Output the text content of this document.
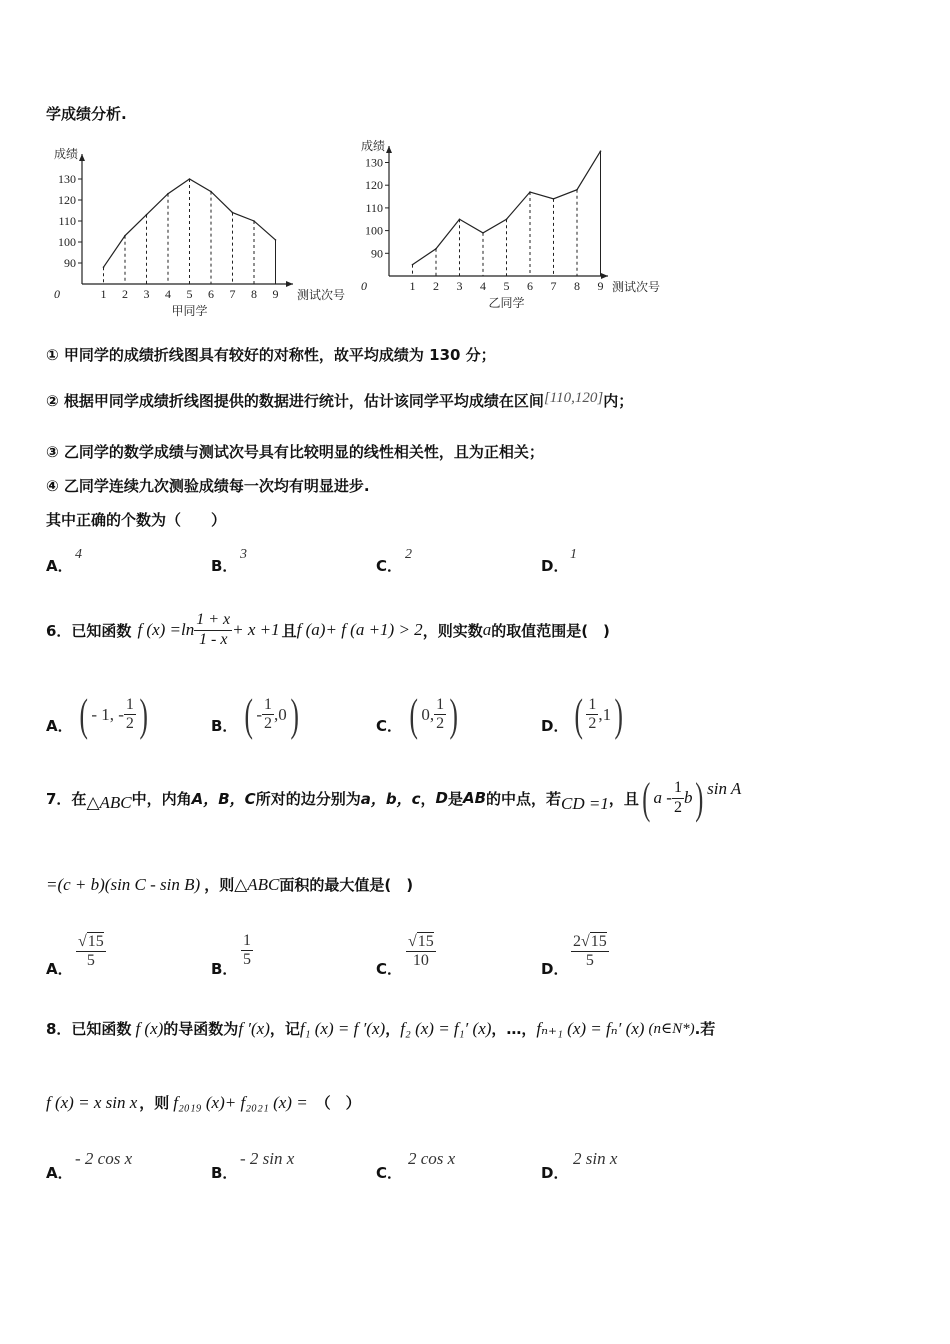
学成绩分析.
成绩
测试次号
0
90
100
110
120
130
1 2 3 4 5 6 7 8 9
甲同学
成绩
测试次号
0
90
100
110
120
130
1 2 3 4 5 6 7 8 9
乙同学
① 甲同学的成绩折线图具有较好的对称性，故平均成绩为 130 分；
② 根据甲同学成绩折线图提供的数据进行统计，估计该同学平均成绩在区间[110,120]内；
③ 乙同学的数学成绩与测试次号具有比较明显的线性相关性，且为正相关；
④ 乙同学连续九次测验成绩每一次均有明显进步.
其中正确的个数为（　　）
A．
4
B．
3
C．
2
D．
1
6．已知函数 f $(x) =\ln \frac{1 + x}{1 - x} + x +1$ 且 f (a)+ f (a +1) > 2 ，则实数 a 的取值范围是(　)
A． ( - 1, - $\frac{1}{2}$ )	B． ( - $\frac{1}{2} ,0$ )	C． ( 0, $\frac{1}{2}$ )	D． ( $\frac{1}{2} ,1$ )
7．在 △ABC 中，内角 A，B，C 所对的边分别为 a，b，c ， D 是 AB 的中点，若 CD =1 ，且 ( a - $\frac{1}{2}$ b ) sin A
=(c + b)(sin C - sin B) ，则 △ABC 面积的最大值是(　)
A． $\frac{√15}{5}$	B． $\frac{1}{5}$	C． $\frac{√15}{10}$	D． $\frac{2√15}{5}$
8．已知函数 f (x) 的导函数为 f ′(x) ，记 f₁ (x) = f ′(x) ， f₂ (x) = f₁′ (x) ，…， fₙ₊₁ (x) = fₙ′ (x) (n∈N*) .若
f (x) = x sin x ，则 f₂₀₁₉ (x)+ f₂₀₂₁ (x) = （　）
A．
- 2 cos x
B．
- 2 sin x
C．
2 cos x
D．
2 sin x
